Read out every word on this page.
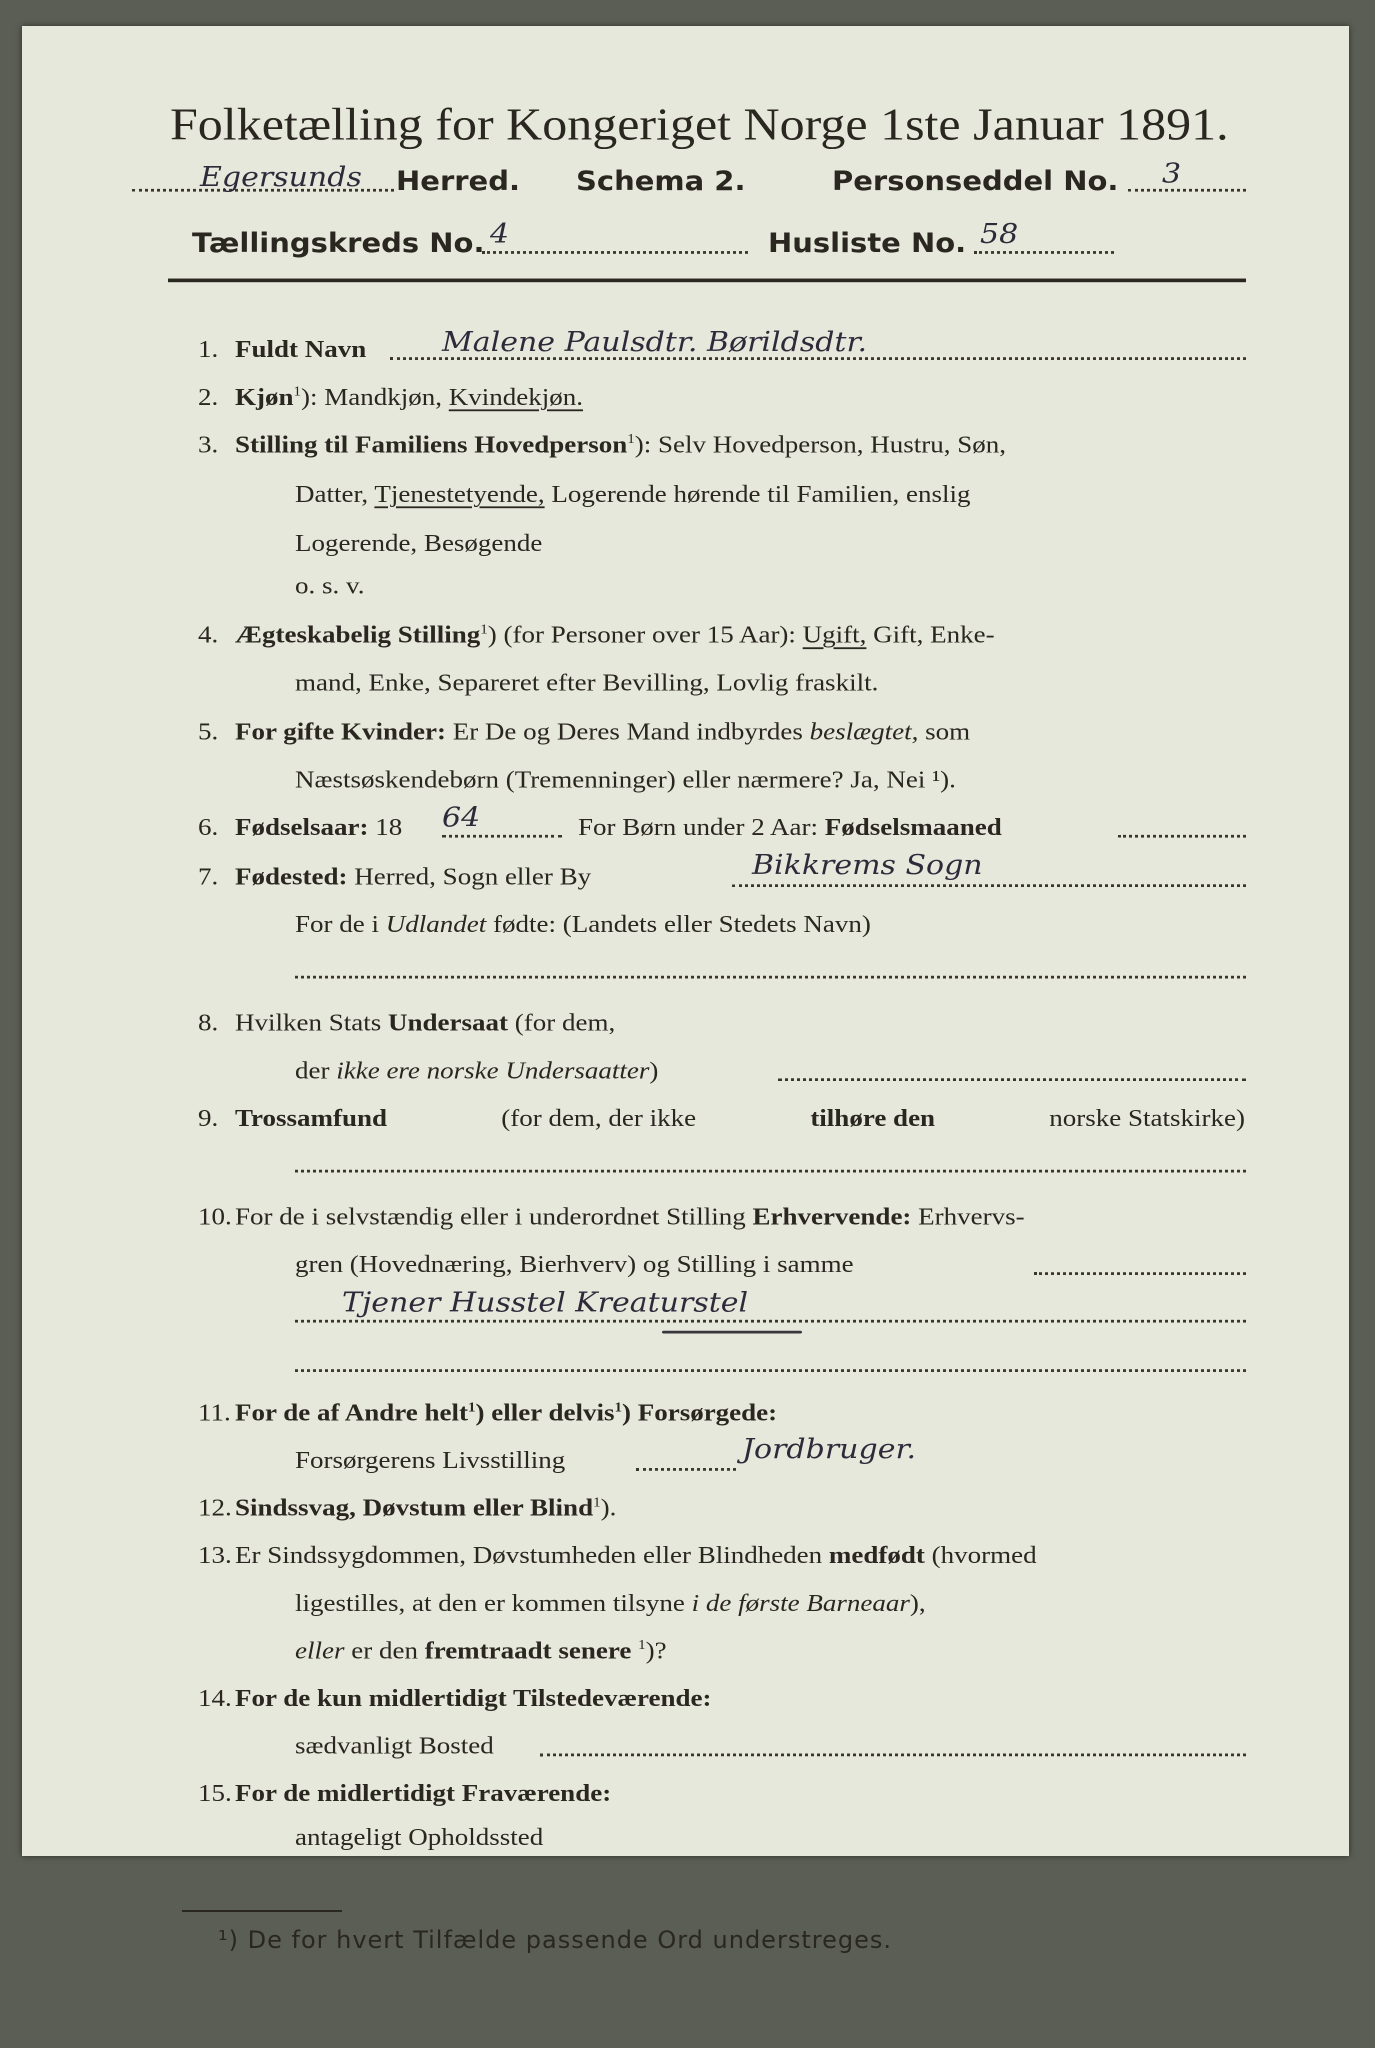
Folketælling for Kongeriget Norge 1ste Januar 1891.
Egersunds Herred. Schema 2.	Personseddel No. 3
Tællingskreds No. 4	Husliste No. 58
1. Fuldt Navn	Malene Paulsdtr. Børildsdtr.
2. Kjøn$^1$): Mandkjøn, Kvindekjøn.
3. Stilling til Familiens Hovedperson$^1$): Selv Hovedperson, Hustru, Søn,
Datter, Tjenestetyende, Logerende hørende til Familien, enslig
Logerende, Besøgende
o. s. v.
4. Ægteskabelig Stilling$^1$) (for Personer over 15 Aar): Ugift, Gift, Enke-
mand, Enke, Separeret efter Bevilling, Lovlig fraskilt.
5. For gifte Kvinder: Er De og Deres Mand indbyrdes beslægtet, som
Næstsøskendebørn (Tremenninger) eller nærmere? Ja, Nei ¹).
6. Fødselsaar: 18 64	For Børn under 2 Aar: Fødselsmaaned
7. Fødested: Herred, Sogn eller By	Bikkrems Sogn
For de i Udlandet fødte: (Landets eller Stedets Navn)
8. Hvilken Stats Undersaat (for dem,
der ikke ere norske Undersaatter)
9. Trossamfund	(for dem, der ikke	tilhøre den	norske Statskirke)
10. For de i selvstændig eller i underordnet Stilling Erhvervende: Erhvervs-
gren (Hovednæring, Bierhverv) og Stilling i samme
Tjener Husstel Kreaturstel
11. For de af Andre helt$^1$) eller delvis$^1$) Forsørgede:
Forsørgerens Livsstilling	Jordbruger.
12. Sindssvag, Døvstum eller Blind$^1$).
13. Er Sindssygdommen, Døvstumheden eller Blindheden medfødt (hvormed
ligestilles, at den er kommen tilsyne i de første Barneaar),
eller er den fremtraadt senere $^1$)?
14. For de kun midlertidigt Tilstedeværende:
sædvanligt Bosted
15. For de midlertidigt Fraværende:
antageligt Opholdssted
¹) De for hvert Tilfælde passende Ord understreges.
